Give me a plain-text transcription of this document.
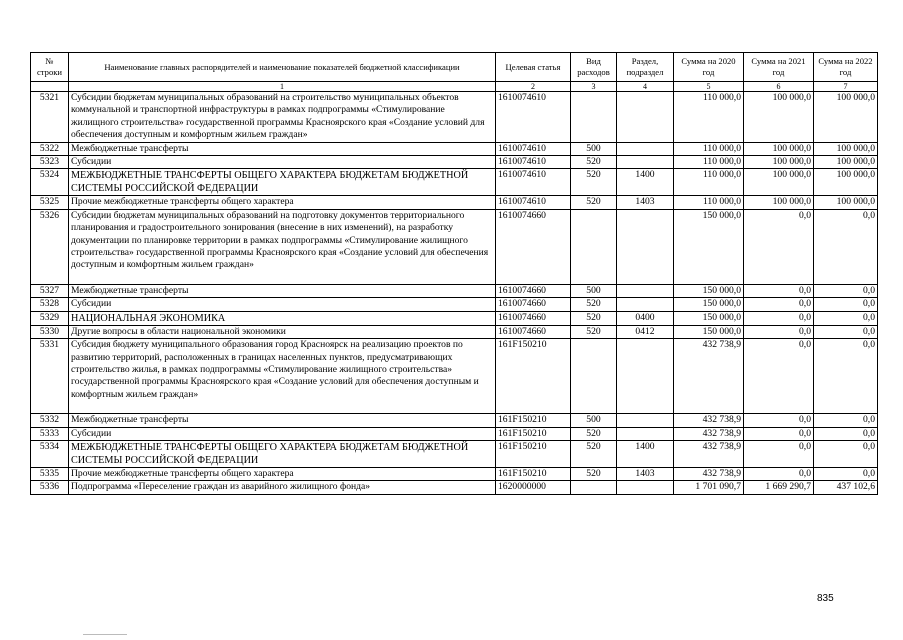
№ строки	Наименование главных распорядителей и наименование показателей бюджетной классификации	Целевая статья	Вид расходов	Раздел, подраздел	Сумма на 2020 год	Сумма на 2021 год	Сумма на 2022 год
	1	2	3	4	5	6	7
5321	Субсидии бюджетам муниципальных образований на строительство муниципальных объектов коммунальной и транспортной инфраструктуры в рамках подпрограммы «Стимулирование жилищного строительства» государственной программы Красноярского края «Создание условий для обеспечения доступным и комфортным жильем граждан»	1610074610			110 000,0	100 000,0	100 000,0
5322	Межбюджетные трансферты	1610074610	500		110 000,0	100 000,0	100 000,0
5323	Субсидии	1610074610	520		110 000,0	100 000,0	100 000,0
5324	МЕЖБЮДЖЕТНЫЕ ТРАНСФЕРТЫ ОБЩЕГО ХАРАКТЕРА БЮДЖЕТАМ БЮДЖЕТНОЙ СИСТЕМЫ РОССИЙСКОЙ ФЕДЕРАЦИИ	1610074610	520	1400	110 000,0	100 000,0	100 000,0
5325	Прочие межбюджетные трансферты общего характера	1610074610	520	1403	110 000,0	100 000,0	100 000,0
5326	Субсидии бюджетам муниципальных образований на подготовку документов территориального планирования и градостроительного зонирования (внесение в них изменений), на разработку документации по планировке территории в рамках подпрограммы «Стимулирование жилищного строительства» государственной программы Красноярского края «Создание условий для обеспечения доступным и комфортным жильем граждан»	1610074660			150 000,0	0,0	0,0
5327	Межбюджетные трансферты	1610074660	500		150 000,0	0,0	0,0
5328	Субсидии	1610074660	520		150 000,0	0,0	0,0
5329	НАЦИОНАЛЬНАЯ ЭКОНОМИКА	1610074660	520	0400	150 000,0	0,0	0,0
5330	Другие вопросы в области национальной экономики	1610074660	520	0412	150 000,0	0,0	0,0
5331	Субсидия бюджету муниципального образования город Красноярск на реализацию проектов по развитию территорий, расположенных в границах населенных пунктов, предусматривающих строительство жилья, в рамках подпрограммы «Стимулирование жилищного строительства» государственной программы Красноярского края «Создание условий для обеспечения доступным и комфортным жильем граждан»	161F150210			432 738,9	0,0	0,0
5332	Межбюджетные трансферты	161F150210	500		432 738,9	0,0	0,0
5333	Субсидии	161F150210	520		432 738,9	0,0	0,0
5334	МЕЖБЮДЖЕТНЫЕ ТРАНСФЕРТЫ ОБЩЕГО ХАРАКТЕРА БЮДЖЕТАМ БЮДЖЕТНОЙ СИСТЕМЫ РОССИЙСКОЙ ФЕДЕРАЦИИ	161F150210	520	1400	432 738,9	0,0	0,0
5335	Прочие межбюджетные трансферты общего характера	161F150210	520	1403	432 738,9	0,0	0,0
5336	Подпрограмма «Переселение граждан из аварийного жилищного фонда»	1620000000			1 701 090,7	1 669 290,7	437 102,6
835
